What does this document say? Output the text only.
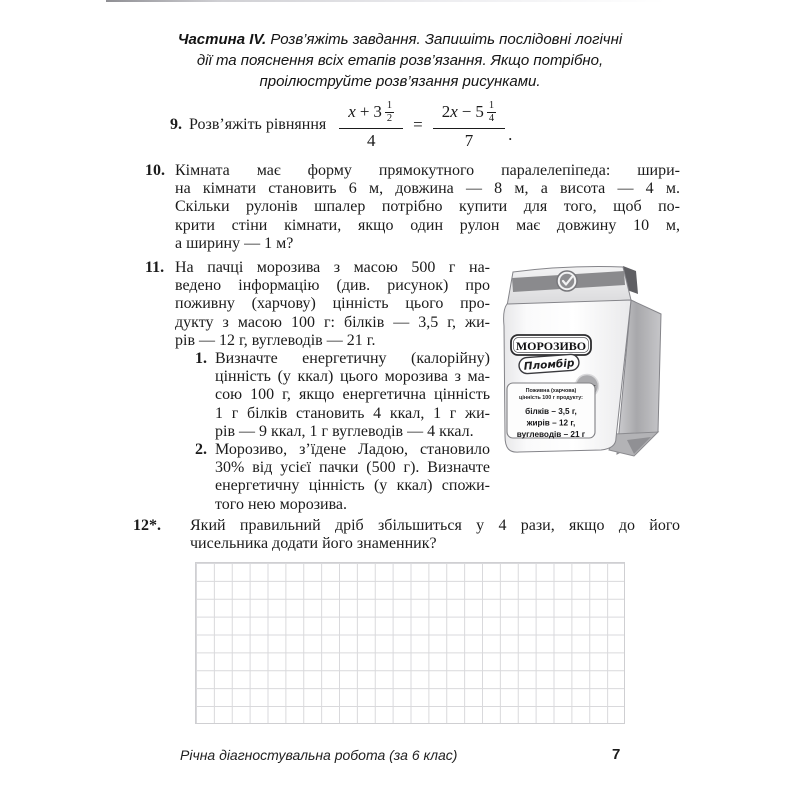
Частина IV. Розв’яжіть завдання. Запишіть послідовні логічні
дії та пояснення всіх етапів розв’язання. Якщо потрібно,
проілюструйте розв’язання рисунками.
9. Розв’яжіть рівняння x + 3 1
2
4 = 2 x − 5 1
4
7 .
10. Кімната має форму прямокутного паралелепіпеда: шири-
на кімнати становить 6 м, довжина — 8 м, а висота — 4 м.
Скільки рулонів шпалер потрібно купити для того, щоб по-
крити стіни кімнати, якщо один рулон має довжину 10 м,
а ширину — 1 м?
11. На пачці морозива з масою 500 г на-
ведено інформацію (див. рисунок) про
поживну (харчову) цінність цього про-
дукту з масою 100 г: білків — 3,5 г, жи-
рів — 12 г, вуглеводів — 21 г.
1. Визначте енергетичну (калорійну)
цінність (у ккал) цього морозива з ма-
сою 100 г, якщо енергетична цінність
1 г білків становить 4 ккал, 1 г жи-
рів — 9 ккал, 1 г вуглеводів — 4 ккал.
2. Морозиво, з’їдене Ладою, становило
30% від усієї пачки (500 г). Визначте
енергетичну цінність (у ккал) спожи-
того нею морозива.
МОРОЗИВО
Пломбір
Поживна (харчова)
цінність 100 г продукту:
білків – 3,5 г,
жирів – 12 г,
вуглеводів – 21 г
12*. Який правильний дріб збільшиться у 4 рази, якщо до його
чисельника додати його знаменник?
Річна діагностувальна робота (за 6 клас)	7
